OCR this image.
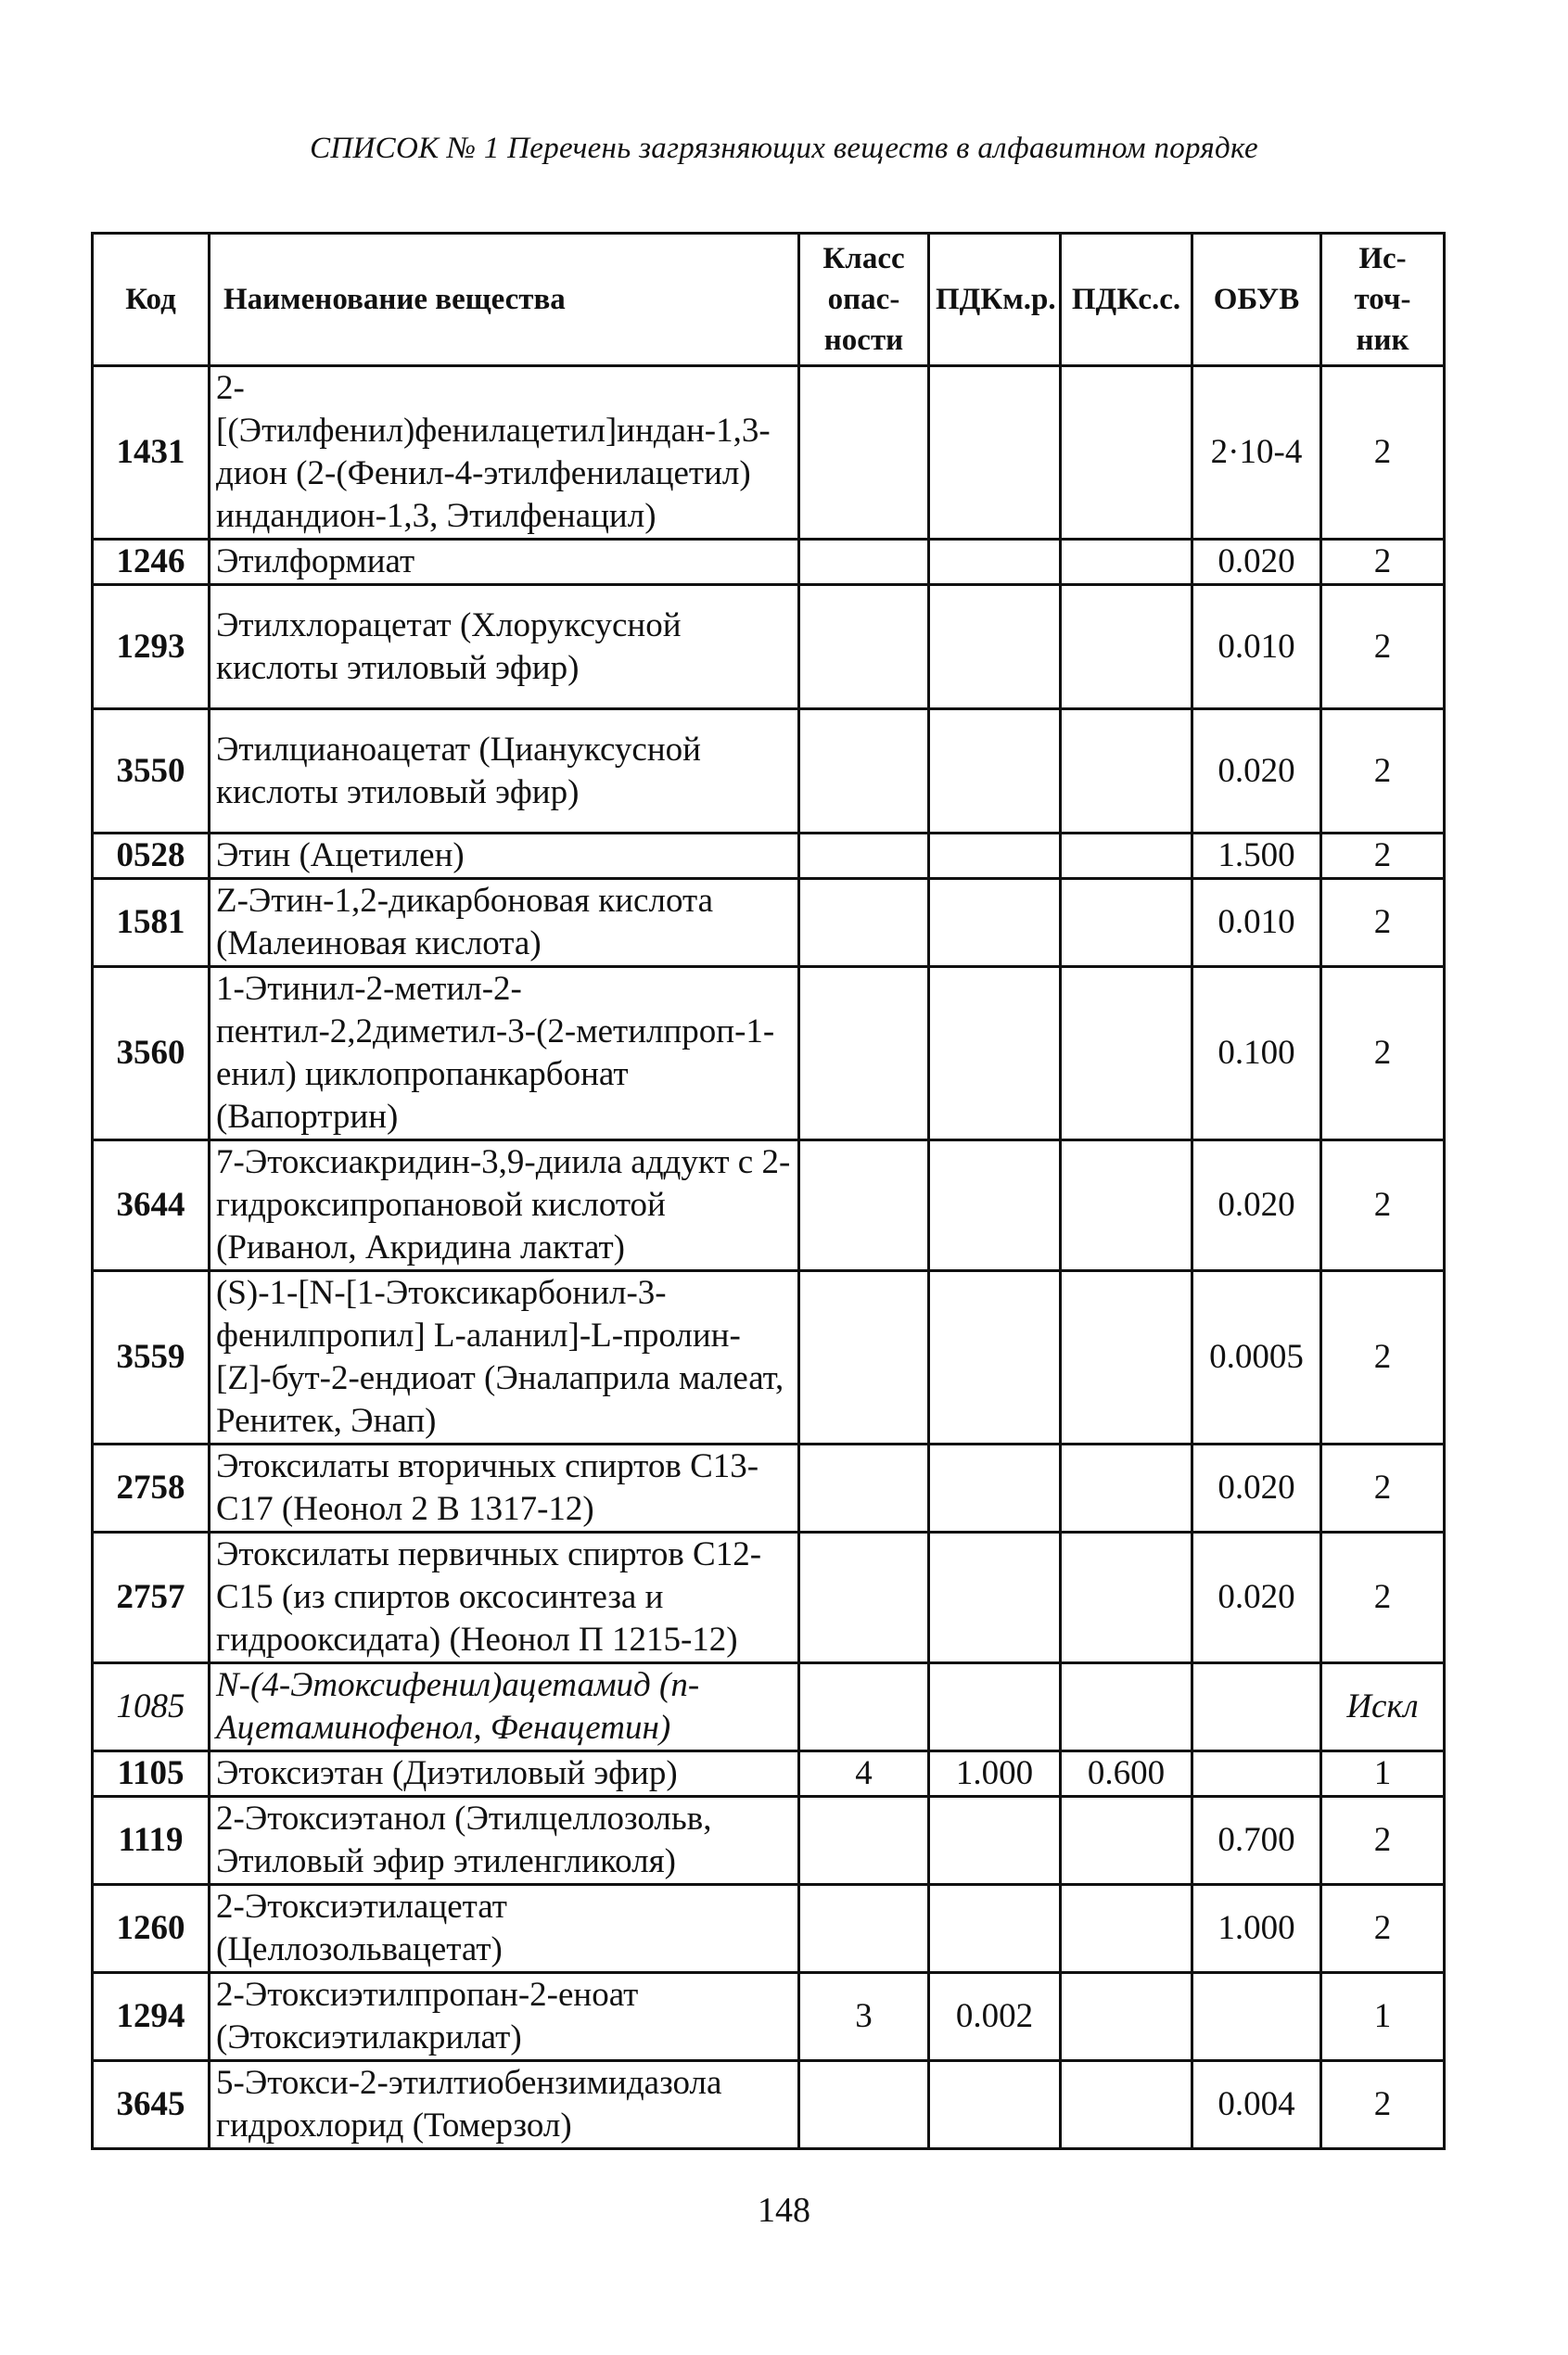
СПИСОК № 1 Перечень загрязняющих веществ в алфавитном порядке
Код	Наименование вещества	Класс опас- ности	ПДКм.р.	ПДКс.с.	ОБУВ	Ис- точ- ник
1431	2-[(Этилфенил)фенилацетил]индан-1,3-дион (2-(Фенил-4-этилфенилацетил) индандион-1,3, Этилфенацил)				2·10-4	2
1246	Этилформиат				0.020	2
1293	Этилхлорацетат (Хлоруксусной кислоты этиловый эфир)				0.010	2
3550	Этилцианоацетат (Циануксусной кислоты этиловый эфир)				0.020	2
0528	Этин (Ацетилен)				1.500	2
1581	Z-Этин-1,2-дикарбоновая кислота (Малеиновая кислота)				0.010	2
3560	1-Этинил-2-метил-2-пентил-2,2диметил-3-(2-метилпроп-1-енил) циклопропанкарбонат (Вапортрин)				0.100	2
3644	7-Этоксиакридин-3,9-диила аддукт с 2-гидроксипропановой кислотой (Риванол, Акридина лактат)				0.020	2
3559	(S)-1-[N-[1-Этоксикарбонил-3-фенилпропил] L-аланил]-L-пролин-[Z]-бут-2-ендиоат (Эналаприла малеат, Ренитек, Энап)				0.0005	2
2758	Этоксилаты вторичных спиртов C13-C17 (Неонол 2 В 1317-12)				0.020	2
2757	Этоксилаты первичных спиртов C12-C15 (из спиртов оксосинтеза и гидрооксидата) (Неонол П 1215-12)				0.020	2
1085	N-(4-Этоксифенил)ацетамид (п-Ацетаминофенол, Фенацетин)					Искл
1105	Этоксиэтан (Диэтиловый эфир)	4	1.000	0.600		1
1119	2-Этоксиэтанол (Этилцеллозольв, Этиловый эфир этиленгликоля)				0.700	2
1260	2-Этоксиэтилацетат (Целлозольвацетат)				1.000	2
1294	2-Этоксиэтилпропан-2-еноат (Этоксиэтилакрилат)	3	0.002			1
3645	5-Этокси-2-этилтиобензимидазола гидрохлорид (Томерзол)				0.004	2
148
